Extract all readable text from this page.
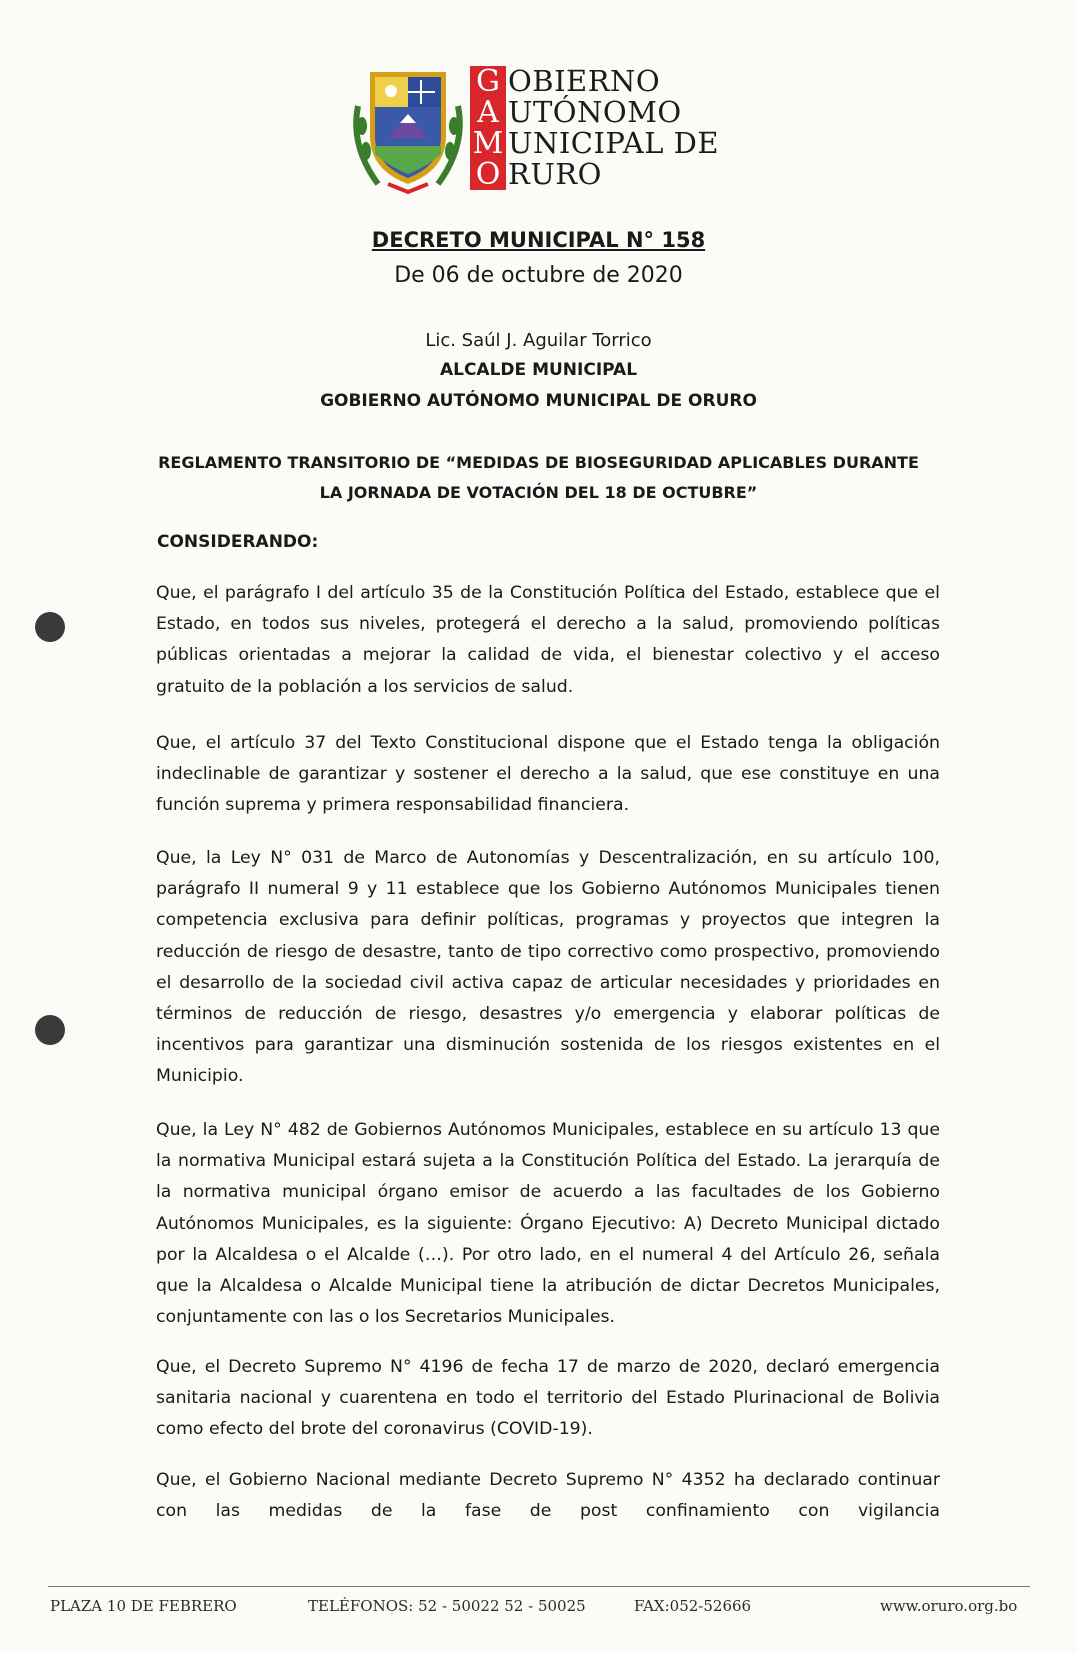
G
A
M
O
OBIERNO
UTÓNOMO
UNICIPAL DE
RURO
DECRETO MUNICIPAL N° 158
De 06 de octubre de 2020
Lic. Saúl J. Aguilar Torrico
ALCALDE MUNICIPAL
GOBIERNO AUTÓNOMO MUNICIPAL DE ORURO
REGLAMENTO TRANSITORIO DE “MEDIDAS DE BIOSEGURIDAD APLICABLES DURANTE
LA JORNADA DE VOTACIÓN DEL 18 DE OCTUBRE”
CONSIDERANDO:

Que, el parágrafo I del artículo 35 de la Constitución Política del Estado, establece que el Estado, en todos sus niveles, protegerá el derecho a la salud, promoviendo políticas públicas orientadas a mejorar la calidad de vida, el bienestar colectivo y el acceso gratuito de la población a los servicios de salud.

Que, el artículo 37 del Texto Constitucional dispone que el Estado tenga la obligación indeclinable de garantizar y sostener el derecho a la salud, que ese constituye en una función suprema y primera responsabilidad financiera.

Que, la Ley N° 031 de Marco de Autonomías y Descentralización, en su artículo 100, parágrafo II numeral 9 y 11 establece que los Gobierno Autónomos Municipales tienen competencia exclusiva para definir políticas, programas y proyectos que integren la reducción de riesgo de desastre, tanto de tipo correctivo como prospectivo, promoviendo el desarrollo de la sociedad civil activa capaz de articular necesidades y prioridades en términos de reducción de riesgo, desastres y/o emergencia y elaborar políticas de incentivos para garantizar una disminución sostenida de los riesgos existentes en el Municipio.

Que, la Ley N° 482 de Gobiernos Autónomos Municipales, establece en su artículo 13 que la normativa Municipal estará sujeta a la Constitución Política del Estado. La jerarquía de la normativa municipal órgano emisor de acuerdo a las facultades de los Gobierno Autónomos Municipales, es la siguiente: Órgano Ejecutivo: A) Decreto Municipal dictado por la Alcaldesa o el Alcalde (…). Por otro lado, en el numeral 4 del Artículo 26, señala que la Alcaldesa o Alcalde Municipal tiene la atribución de dictar Decretos Municipales, conjuntamente con las o los Secretarios Municipales.

Que, el Decreto Supremo N° 4196 de fecha 17 de marzo de 2020, declaró emergencia sanitaria nacional y cuarentena en todo el territorio del Estado Plurinacional de Bolivia como efecto del brote del coronavirus (COVID-19).

Que, el Gobierno Nacional mediante Decreto Supremo N° 4352 ha declarado continuar con las medidas de la fase de post confinamiento con vigilancia

PLAZA 10 DE FEBRERO	TELÉFONOS: 52 - 50022 52 - 50025	FAX:052-52666	www.oruro.org.bo
